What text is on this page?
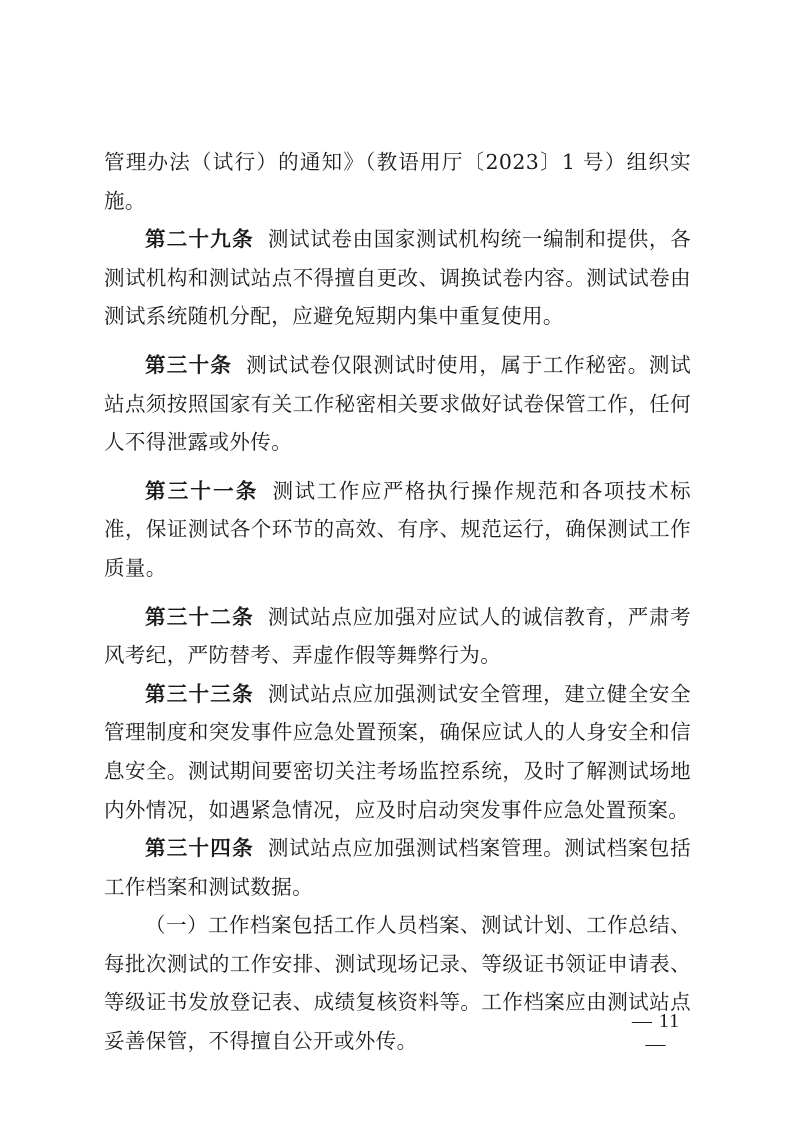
管理办法（试行）的通知》（教语用厅〔2023〕1 号）组织实施。

第二十九条 测试试卷由国家测试机构统一编制和提供，各测试机构和测试站点不得擅自更改、调换试卷内容。测试试卷由测试系统随机分配，应避免短期内集中重复使用。

第三十条 测试试卷仅限测试时使用，属于工作秘密。测试站点须按照国家有关工作秘密相关要求做好试卷保管工作，任何人不得泄露或外传。

第三十一条 测试工作应严格执行操作规范和各项技术标准，保证测试各个环节的高效、有序、规范运行，确保测试工作质量。

第三十二条 测试站点应加强对应试人的诚信教育，严肃考风考纪，严防替考、弄虚作假等舞弊行为。

第三十三条 测试站点应加强测试安全管理，建立健全安全管理制度和突发事件应急处置预案，确保应试人的人身安全和信息安全。测试期间要密切关注考场监控系统，及时了解测试场地内外情况，如遇紧急情况，应及时启动突发事件应急处置预案。

第三十四条 测试站点应加强测试档案管理。测试档案包括工作档案和测试数据。

（一）工作档案包括工作人员档案、测试计划、工作总结、每批次测试的工作安排、测试现场记录、等级证书领证申请表、等级证书发放登记表、成绩复核资料等。工作档案应由测试站点妥善保管，不得擅自公开或外传。

— 11 —
